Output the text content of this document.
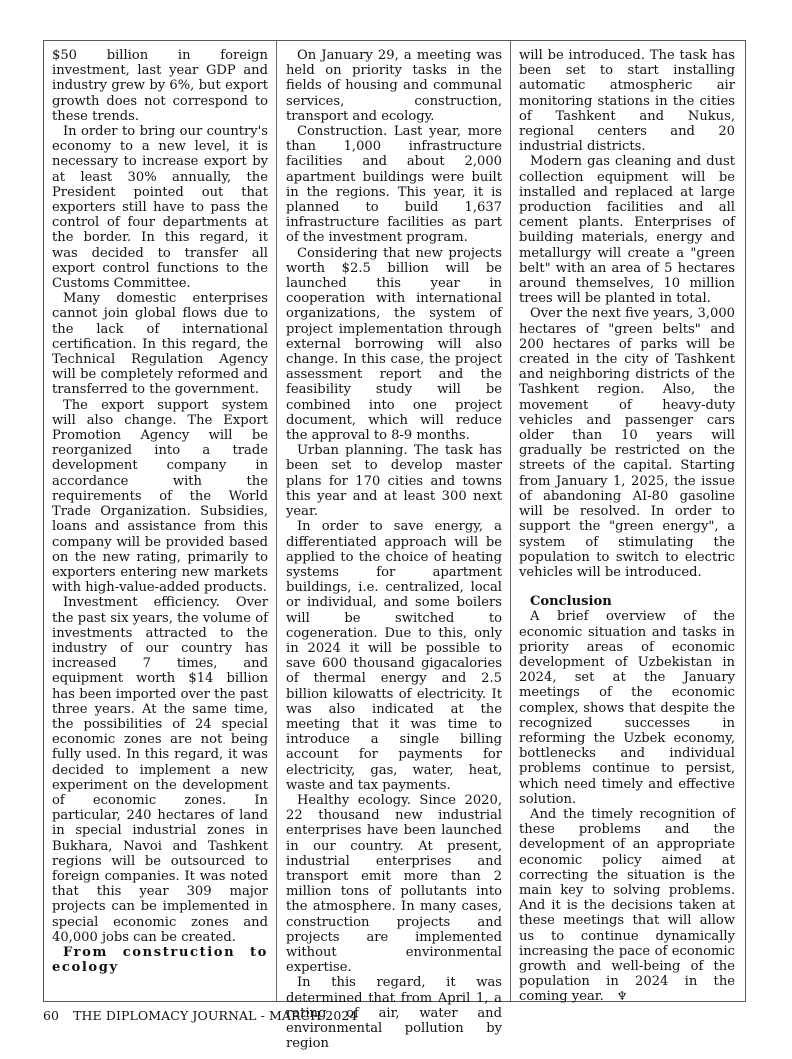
$50 billion in foreign investment, last year GDP and industry grew by 6%, but export growth does not correspond to these trends.

In order to bring our country's economy to a new level, it is necessary to increase export by at least 30% annually, the President pointed out that exporters still have to pass the control of four departments at the border. In this regard, it was decided to transfer all export control functions to the Customs Committee.

Many domestic enterprises cannot join global flows due to the lack of international certification. In this regard, the Technical Regulation Agency will be completely reformed and transferred to the government.

The export support system will also change. The Export Promotion Agency will be reorganized into a trade development company in accordance with the requirements of the World Trade Organization. Subsidies, loans and assistance from this company will be provided based on the new rating, primarily to exporters entering new markets with high-value-added products.

Investment efficiency. Over the past six years, the volume of investments attracted to the industry of our country has increased 7 times, and equipment worth $14 billion has been imported over the past three years. At the same time, the possibilities of 24 special economic zones are not being fully used. In this regard, it was decided to implement a new experiment on the development of economic zones. In particular, 240 hectares of land in special industrial zones in Bukhara, Navoi and Tashkent regions will be outsourced to foreign companies. It was noted that this year 309 major projects can be implemented in special economic zones and 40,000 jobs can be created.

From construction to ecology

On January 29, a meeting was held on priority tasks in the fields of housing and communal services, construction, transport and ecology.

Construction. Last year, more than 1,000 infrastructure facilities and about 2,000 apartment buildings were built in the regions. This year, it is planned to build 1,637 infrastructure facilities as part of the investment program.

Considering that new projects worth $2.5 billion will be launched this year in cooperation with international organizations, the system of project implementation through external borrowing will also change. In this case, the project assessment report and the feasibility study will be combined into one project document, which will reduce the approval to 8-9 months.

Urban planning. The task has been set to develop master plans for 170 cities and towns this year and at least 300 next year.

In order to save energy, a differentiated approach will be applied to the choice of heating systems for apartment buildings, i.e. centralized, local or individual, and some boilers will be switched to cogeneration. Due to this, only in 2024 it will be possible to save 600 thousand gigacalories of thermal energy and 2.5 billion kilowatts of electricity. It was also indicated at the meeting that it was time to introduce a single billing account for payments for electricity, gas, water, heat, waste and tax payments.

Healthy ecology. Since 2020, 22 thousand new industrial enterprises have been launched in our country. At present, industrial enterprises and transport emit more than 2 million tons of pollutants into the atmosphere. In many cases, construction projects and projects are implemented without environmental expertise.

In this regard, it was determined that from April 1, a rating of air, water and environmental pollution by region

will be introduced. The task has been set to start installing automatic atmospheric air monitoring stations in the cities of Tashkent and Nukus, regional centers and 20 industrial districts.

Modern gas cleaning and dust collection equipment will be installed and replaced at large production facilities and all cement plants. Enterprises of building materials, energy and metallurgy will create a "green belt" with an area of 5 hectares around themselves, 10 million trees will be planted in total.

Over the next five years, 3,000 hectares of "green belts" and 200 hectares of parks will be created in the city of Tashkent and neighboring districts of the Tashkent region. Also, the movement of heavy-duty vehicles and passenger cars older than 10 years will gradually be restricted on the streets of the capital. Starting from January 1, 2025, the issue of abandoning AI-80 gasoline will be resolved. In order to support the "green energy", a system of stimulating the population to switch to electric vehicles will be introduced.

Conclusion

A brief overview of the economic situation and tasks in priority areas of economic development of Uzbekistan in 2024, set at the January meetings of the economic complex, shows that despite the recognized successes in reforming the Uzbek economy, bottlenecks and individual problems continue to persist, which need timely and effective solution.

And the timely recognition of these problems and the development of an appropriate economic policy aimed at correcting the situation is the main key to solving problems. And it is the decisions taken at these meetings that will allow us to continue dynamically increasing the pace of economic growth and well-being of the population in 2024 in the coming year. ♆

60 THE DIPLOMACY JOURNAL - MARCH 2024
